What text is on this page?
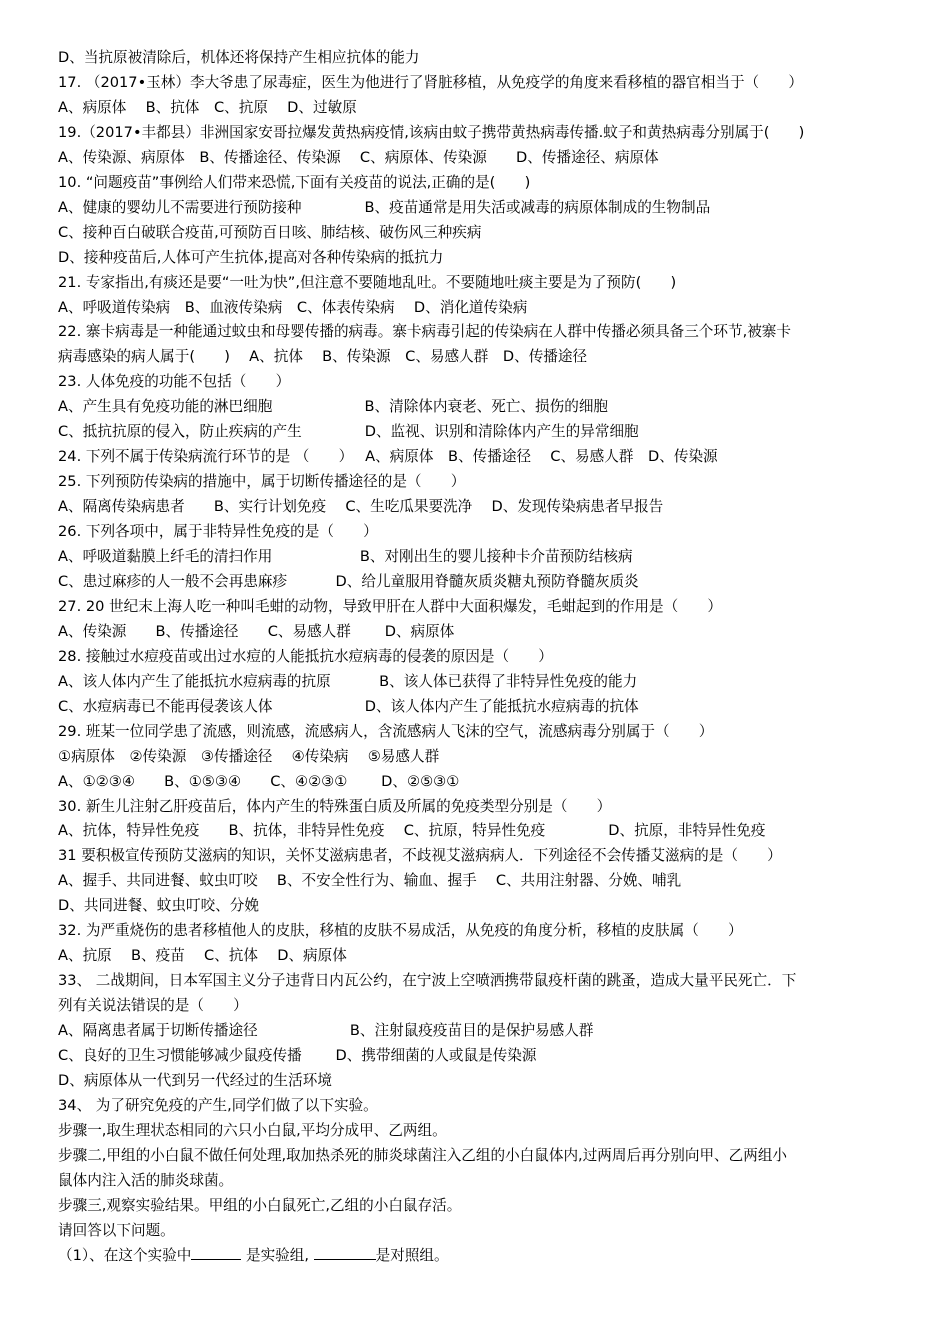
D、当抗原被清除后，机体还将保持产生相应抗体的能力
17. （2017•玉林）李大爷患了尿毒症，医生为他进行了肾脏移植，从免疫学的角度来看移植的器官相当于（　　）
A、病原体　 B、抗体　C、抗原　 D、过敏原
19.（2017•丰都县）非洲国家安哥拉爆发黄热病疫情,该病由蚊子携带黄热病毒传播.蚊子和黄热病毒分别属于(　　)
A、传染源、病原体　B、传播途径、传染源　 C、病原体、传染源　　D、传播途径、病原体
10. “问题疫苗”事例给人们带来恐慌,下面有关疫苗的说法,正确的是(　　)
A、健康的婴幼儿不需要进行预防接种　　　　 B、疫苗通常是用失活或减毒的病原体制成的生物制品
C、接种百白破联合疫苗,可预防百日咳、肺结核、破伤风三种疾病
D、接种疫苗后,人体可产生抗体,提高对各种传染病的抵抗力
21. 专家指出,有痰还是要“一吐为快”,但注意不要随地乱吐。不要随地吐痰主要是为了预防(　　)
A、呼吸道传染病　B、血液传染病　C、体表传染病　 D、消化道传染病
22. 寨卡病毒是一种能通过蚊虫和母婴传播的病毒。寨卡病毒引起的传染病在人群中传播必须具备三个环节,被寨卡
病毒感染的病人属于(　　)　 A、抗体　 B、传染源　C、易感人群　D、传播途径
23. 人体免疫的功能不包括（　　）
A、产生具有免疫功能的淋巴细胞　　　　　　 B、清除体内衰老、死亡、损伤的细胞
C、抵抗抗原的侵入，防止疾病的产生　　　　 D、监视、识别和清除体内产生的异常细胞
24. 下列不属于传染病流行环节的是 （　　）　 A、病原体　B、传播途径　 C、易感人群　D、传染源
25. 下列预防传染病的措施中，属于切断传播途径的是（　　）
A、隔离传染病患者　　B、实行计划免疫　 C、生吃瓜果要洗净　 D、发现传染病患者早报告
26. 下列各项中，属于非特异性免疫的是（　　）
A、呼吸道黏膜上纤毛的清扫作用　　　　　　B、对刚出生的婴儿接种卡介苗预防结核病
C、患过麻疹的人一般不会再患麻疹　　　 D、给儿童服用脊髓灰质炎糖丸预防脊髓灰质炎
27. 20 世纪末上海人吃一种叫毛蚶的动物，导致甲肝在人群中大面积爆发，毛蚶起到的作用是（　　）
A、传染源　　B、传播途径　　C、易感人群　　 D、病原体
28. 接触过水痘疫苗或出过水痘的人能抵抗水痘病毒的侵袭的原因是（　　）
A、该人体内产生了能抵抗水痘病毒的抗原　　　 B、该人体已获得了非特异性免疫的能力
C、水痘病毒已不能再侵袭该人体　　　　　　 D、该人体内产生了能抵抗水痘病毒的抗体
29. 班某一位同学患了流感，则流感，流感病人，含流感病人飞沫的空气，流感病毒分别属于（　　）
①病原体　②传染源　③传播途径　 ④传染病　 ⑤易感人群
A、①②③④　　B、①⑤③④　　C、④②③①　　 D、②⑤③①
30. 新生儿注射乙肝疫苗后，体内产生的特殊蛋白质及所属的免疫类型分别是（　　）
A、抗体，特异性免疫　　B、抗体，非特异性免疫　 C、抗原，特异性免疫　　　　 D、抗原，非特异性免疫
31 要积极宣传预防艾滋病的知识，关怀艾滋病患者，不歧视艾滋病病人．下列途径不会传播艾滋病的是（　　）
A、握手、共同进餐、蚊虫叮咬　 B、不安全性行为、输血、握手　 C、共用注射器、分娩、哺乳
D、共同进餐、蚊虫叮咬、分娩
32. 为严重烧伤的患者移植他人的皮肤，移植的皮肤不易成活，从免疫的角度分析，移植的皮肤属（　　）
A、抗原　 B、疫苗　 C、抗体　 D、病原体
33、 二战期间，日本军国主义分子违背日内瓦公约，在宁波上空喷洒携带鼠疫杆菌的跳蚤，造成大量平民死亡．下
列有关说法错误的是（　　）
A、隔离患者属于切断传播途径　　　　　　 B、注射鼠疫疫苗目的是保护易感人群
C、良好的卫生习惯能够减少鼠疫传播　　 D、携带细菌的人或鼠是传染源
D、病原体从一代到另一代经过的生活环境
34、 为了研究免疫的产生,同学们做了以下实验。
步骤一,取生理状态相同的六只小白鼠,平均分成甲、乙两组。
步骤二,甲组的小白鼠不做任何处理,取加热杀死的肺炎球菌注入乙组的小白鼠体内,过两周后再分别向甲、乙两组小
鼠体内注入活的肺炎球菌。
步骤三,观察实验结果。甲组的小白鼠死亡,乙组的小白鼠存活。
请回答以下问题。
（1）、在这个实验中	是实验组,	是对照组。
